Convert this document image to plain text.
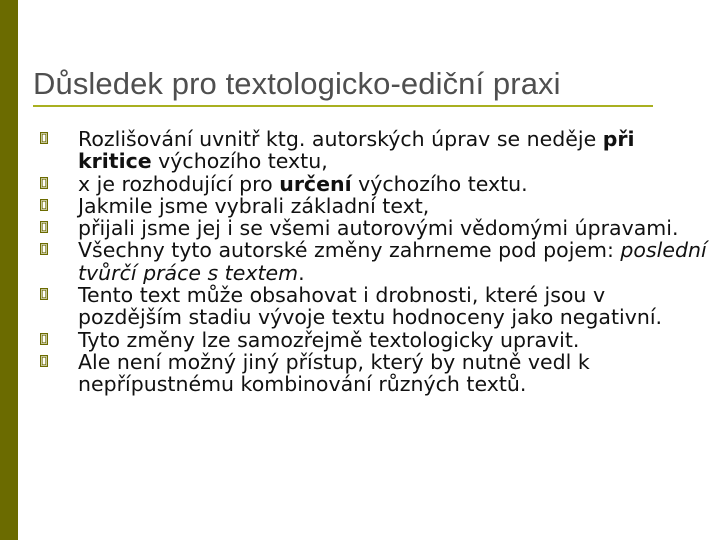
Důsledek pro textologicko-ediční praxi
Rozlišování uvnitř ktg. autorských úprav se neděje při kritice výchozího textu,
x je rozhodující pro určení výchozího textu.
Jakmile jsme vybrali základní text,
přijali jsme jej i se všemi autorovými vědomými úpravami.
Všechny tyto autorské změny zahrneme pod pojem: poslední tvůrčí práce s textem.
Tento text může obsahovat i drobnosti, které jsou v pozdějším stadiu vývoje textu hodnoceny jako negativní.
Tyto změny lze samozřejmě textologicky upravit.
Ale není možný jiný přístup, který by nutně vedl k nepřípustnému kombinování různých textů.
